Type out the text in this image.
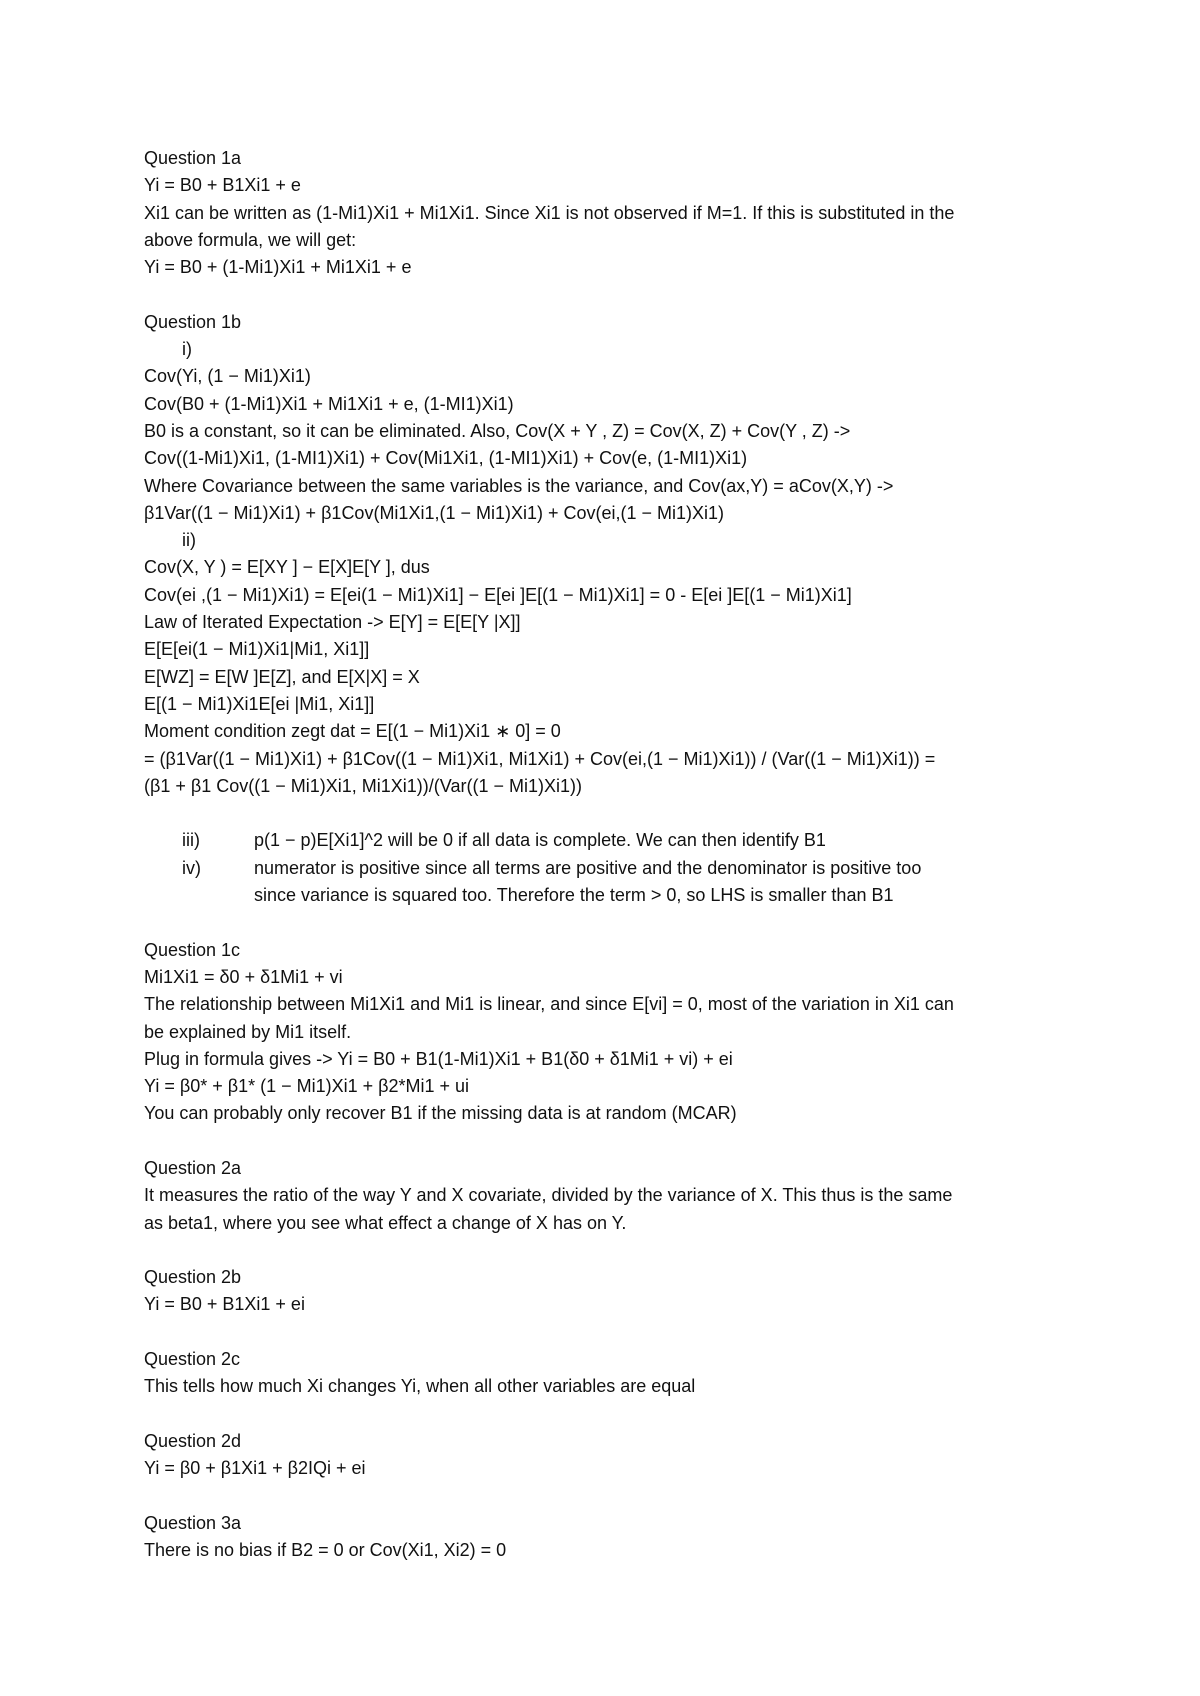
Question 1a
Yi = B0 + B1Xi1 + e
Xi1 can be written as (1-Mi1)Xi1 + Mi1Xi1. Since Xi1 is not observed if M=1. If this is substituted in the
above formula, we will get:
Yi = B0 + (1-Mi1)Xi1 + Mi1Xi1 + e
Question 1b
i)
Cov(Yi, (1 − Mi1)Xi1)
Cov(B0 + (1-Mi1)Xi1 + Mi1Xi1 + e, (1-MI1)Xi1)
B0 is a constant, so it can be eliminated. Also, Cov(X + Y , Z) = Cov(X, Z) + Cov(Y , Z) ->
Cov((1-Mi1)Xi1, (1-MI1)Xi1) + Cov(Mi1Xi1, (1-MI1)Xi1) + Cov(e, (1-MI1)Xi1)
Where Covariance between the same variables is the variance, and Cov(ax,Y) = aCov(X,Y) ->
β1Var((1 − Mi1)Xi1) + β1Cov(Mi1Xi1,(1 − Mi1)Xi1) + Cov(ei,(1 − Mi1)Xi1)
ii)
Cov(X, Y ) = E[XY ] − E[X]E[Y ], dus
Cov(ei ,(1 − Mi1)Xi1) = E[ei(1 − Mi1)Xi1] − E[ei ]E[(1 − Mi1)Xi1] = 0 - E[ei ]E[(1 − Mi1)Xi1]
Law of Iterated Expectation -> E[Y] = E[E[Y |X]]
E[E[ei(1 − Mi1)Xi1|Mi1, Xi1]]
E[WZ] = E[W ]E[Z], and E[X|X] = X
E[(1 − Mi1)Xi1E[ei |Mi1, Xi1]]
Moment condition zegt dat = E[(1 − Mi1)Xi1 ∗ 0] = 0
= (β1Var((1 − Mi1)Xi1) + β1Cov((1 − Mi1)Xi1, Mi1Xi1) + Cov(ei,(1 − Mi1)Xi1)) / (Var((1 − Mi1)Xi1)) =
(β1 + β1 Cov((1 − Mi1)Xi1, Mi1Xi1))/(Var((1 − Mi1)Xi1))
iii)	p(1 − p)E[Xi1]^2 will be 0 if all data is complete. We can then identify B1
iv)	numerator is positive since all terms are positive and the denominator is positive too
since variance is squared too. Therefore the term > 0, so LHS is smaller than B1
Question 1c
Mi1Xi1 = δ0 + δ1Mi1 + vi
The relationship between Mi1Xi1 and Mi1 is linear, and since E[vi] = 0, most of the variation in Xi1 can
be explained by Mi1 itself.
Plug in formula gives -> Yi = B0 + B1(1-Mi1)Xi1 + B1(δ0 + δ1Mi1 + vi) + ei
Yi = β0* + β1* (1 − Mi1)Xi1 + β2*Mi1 + ui
You can probably only recover B1 if the missing data is at random (MCAR)
Question 2a
It measures the ratio of the way Y and X covariate, divided by the variance of X. This thus is the same
as beta1, where you see what effect a change of X has on Y.
Question 2b
Yi = B0 + B1Xi1 + ei
Question 2c
This tells how much Xi changes Yi, when all other variables are equal
Question 2d
Yi = β0 + β1Xi1 + β2IQi + ei
Question 3a
There is no bias if B2 = 0 or Cov(Xi1, Xi2) = 0
